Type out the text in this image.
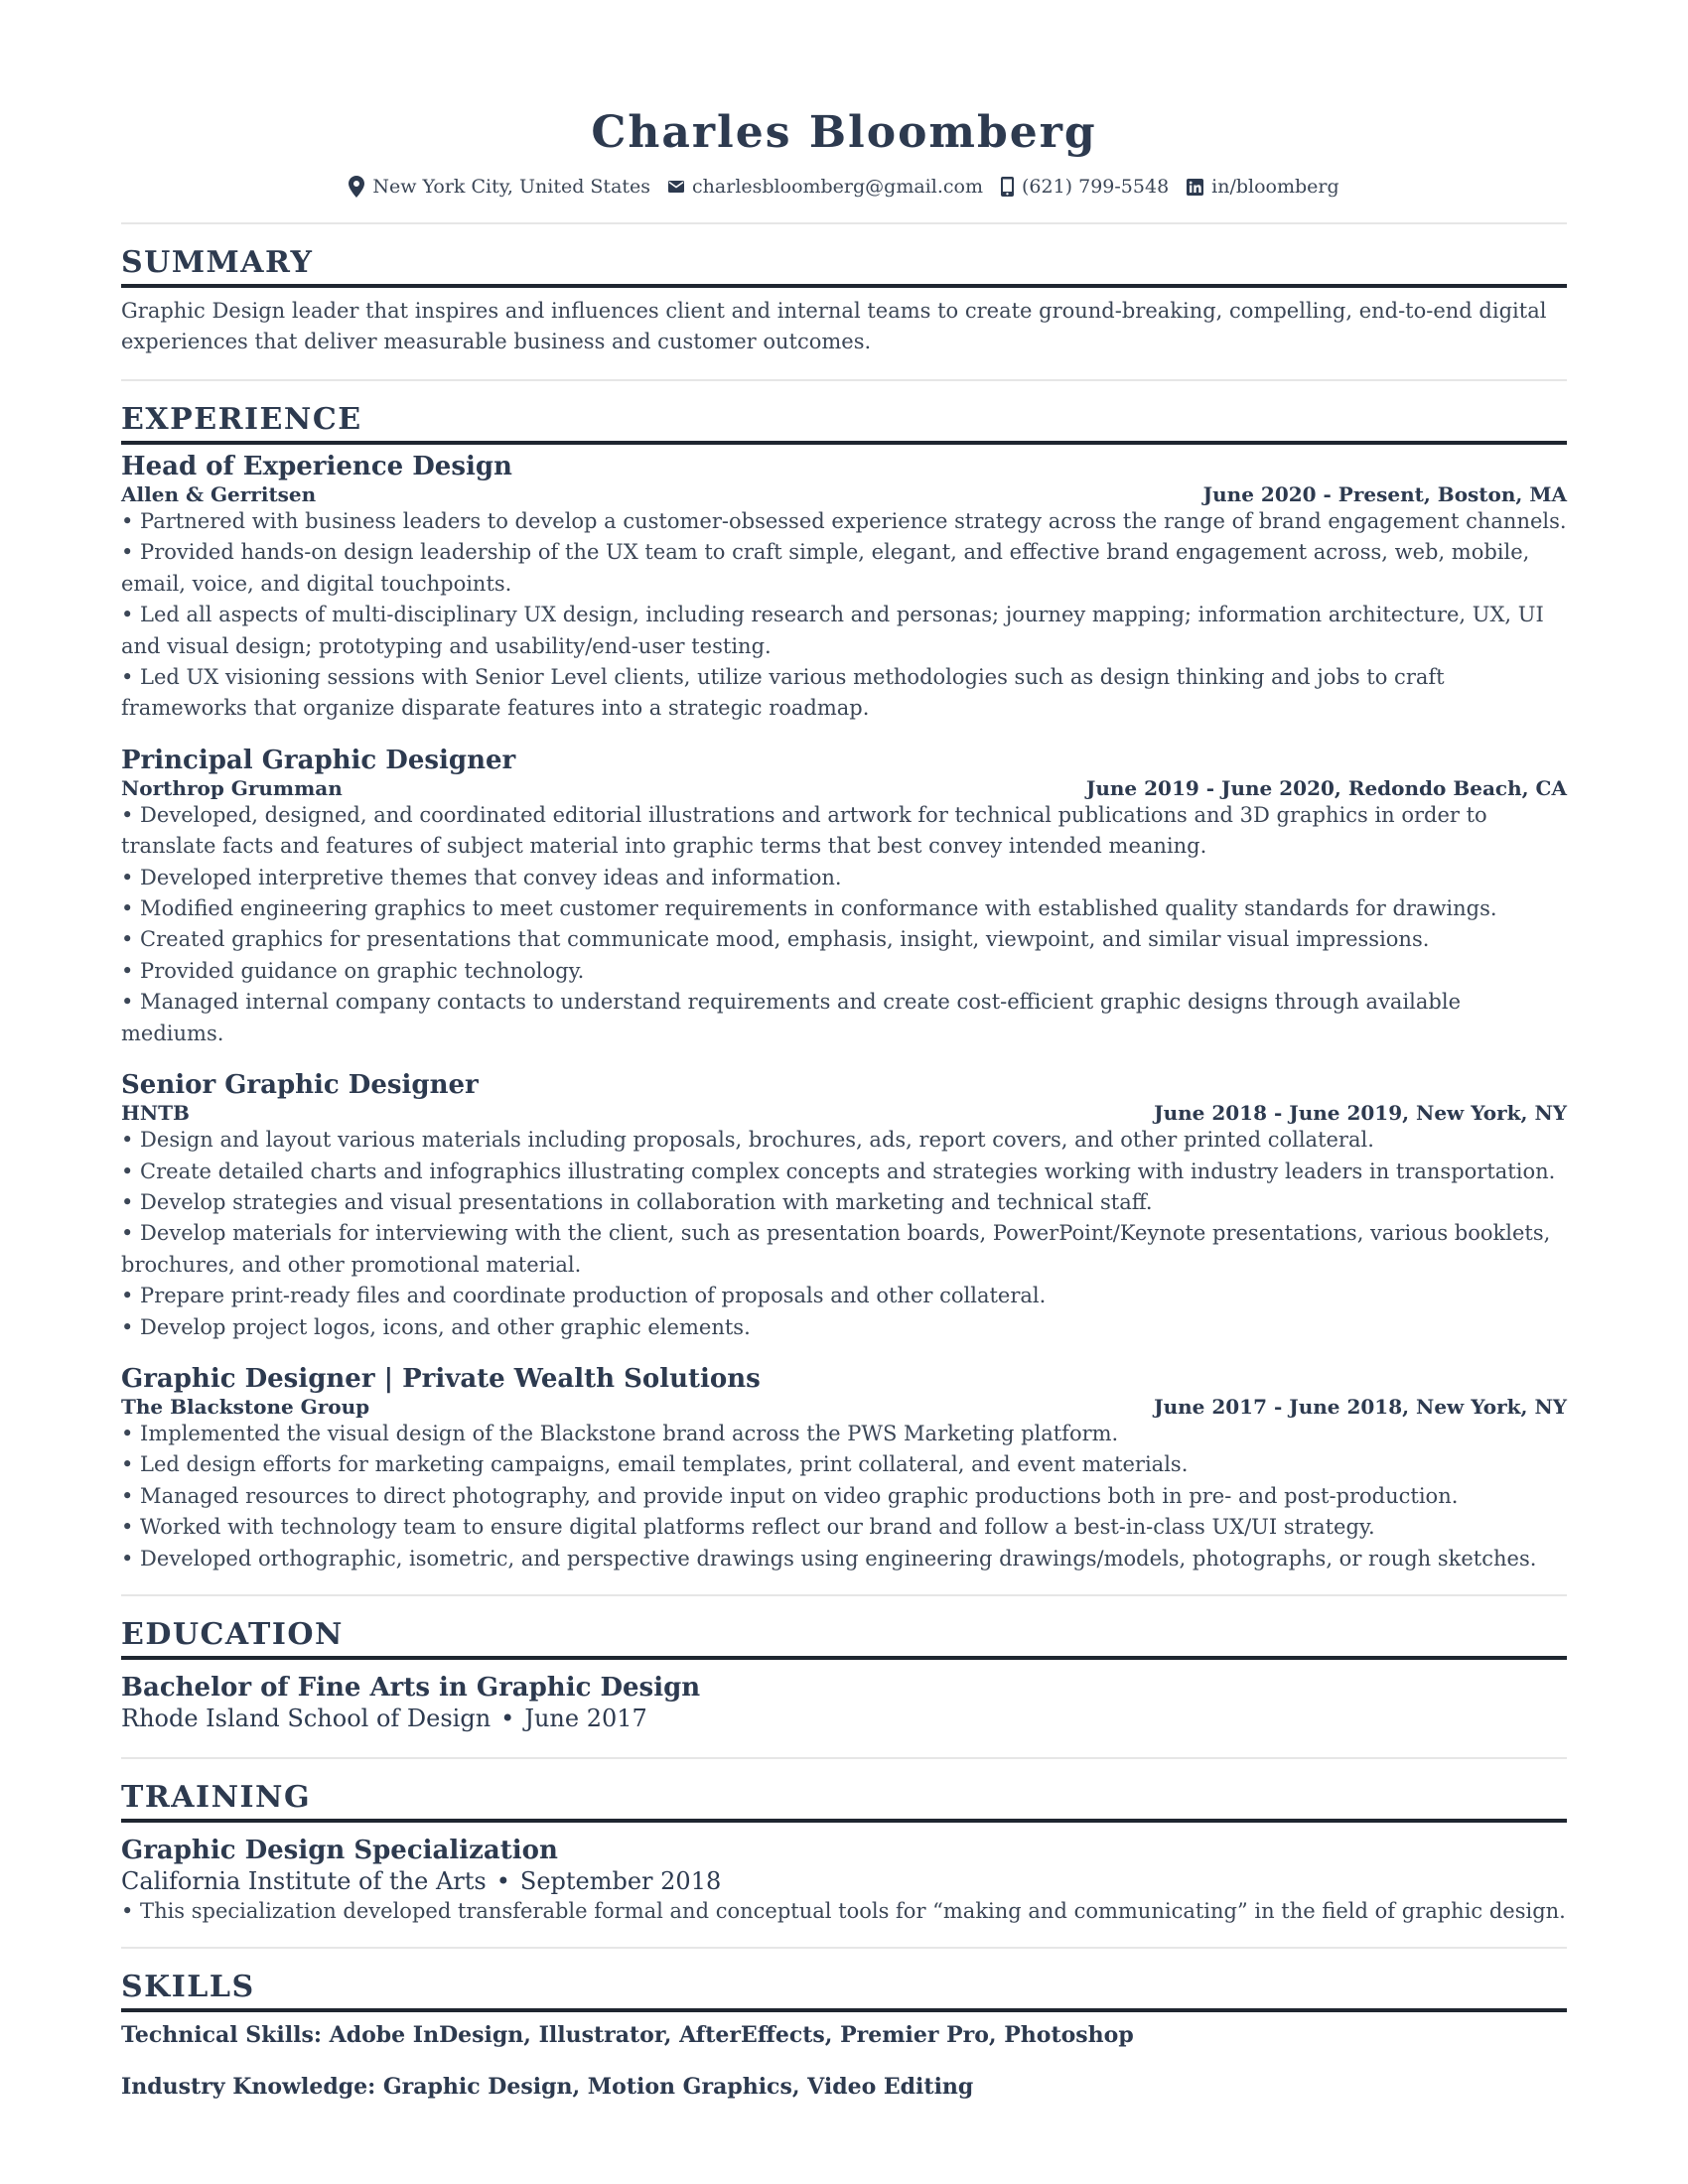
Charles Bloomberg
New York City, United States charlesbloomberg@gmail.com (621) 799-5548 in/bloomberg
SUMMARY
Graphic Design leader that inspires and influences client and internal teams to create ground-breaking, compelling, end-to-end digital experiences that deliver measurable business and customer outcomes.
EXPERIENCE
Head of Experience Design
Allen & Gerritsen	June 2020 - Present, Boston, MA
• Partnered with business leaders to develop a customer-obsessed experience strategy across the range of brand engagement channels.
• Provided hands-on design leadership of the UX team to craft simple, elegant, and effective brand engagement across, web, mobile, email, voice, and digital touchpoints.
• Led all aspects of multi-disciplinary UX design, including research and personas; journey mapping; information architecture, UX, UI and visual design; prototyping and usability/end-user testing.
• Led UX visioning sessions with Senior Level clients, utilize various methodologies such as design thinking and jobs to craft frameworks that organize disparate features into a strategic roadmap.
Principal Graphic Designer
Northrop Grumman	June 2019 - June 2020, Redondo Beach, CA
• Developed, designed, and coordinated editorial illustrations and artwork for technical publications and 3D graphics in order to translate facts and features of subject material into graphic terms that best convey intended meaning.
• Developed interpretive themes that convey ideas and information.
• Modified engineering graphics to meet customer requirements in conformance with established quality standards for drawings.
• Created graphics for presentations that communicate mood, emphasis, insight, viewpoint, and similar visual impressions.
• Provided guidance on graphic technology.
• Managed internal company contacts to understand requirements and create cost-efficient graphic designs through available mediums.
Senior Graphic Designer
HNTB	June 2018 - June 2019, New York, NY
• Design and layout various materials including proposals, brochures, ads, report covers, and other printed collateral.
• Create detailed charts and infographics illustrating complex concepts and strategies working with industry leaders in transportation.
• Develop strategies and visual presentations in collaboration with marketing and technical staff.
• Develop materials for interviewing with the client, such as presentation boards, PowerPoint/Keynote presentations, various booklets, brochures, and other promotional material.
• Prepare print-ready files and coordinate production of proposals and other collateral.
• Develop project logos, icons, and other graphic elements.
Graphic Designer | Private Wealth Solutions
The Blackstone Group	June 2017 - June 2018, New York, NY
• Implemented the visual design of the Blackstone brand across the PWS Marketing platform.
• Led design efforts for marketing campaigns, email templates, print collateral, and event materials.
• Managed resources to direct photography, and provide input on video graphic productions both in pre- and post-production.
• Worked with technology team to ensure digital platforms reflect our brand and follow a best-in-class UX/UI strategy.
• Developed orthographic, isometric, and perspective drawings using engineering drawings/models, photographs, or rough sketches.
EDUCATION
Bachelor of Fine Arts in Graphic Design
Rhode Island School of Design • June 2017
TRAINING
Graphic Design Specialization
California Institute of the Arts • September 2018
• This specialization developed transferable formal and conceptual tools for “making and communicating” in the field of graphic design.
SKILLS
Technical Skills: Adobe InDesign, Illustrator, AfterEffects, Premier Pro, Photoshop
Industry Knowledge: Graphic Design, Motion Graphics, Video Editing
